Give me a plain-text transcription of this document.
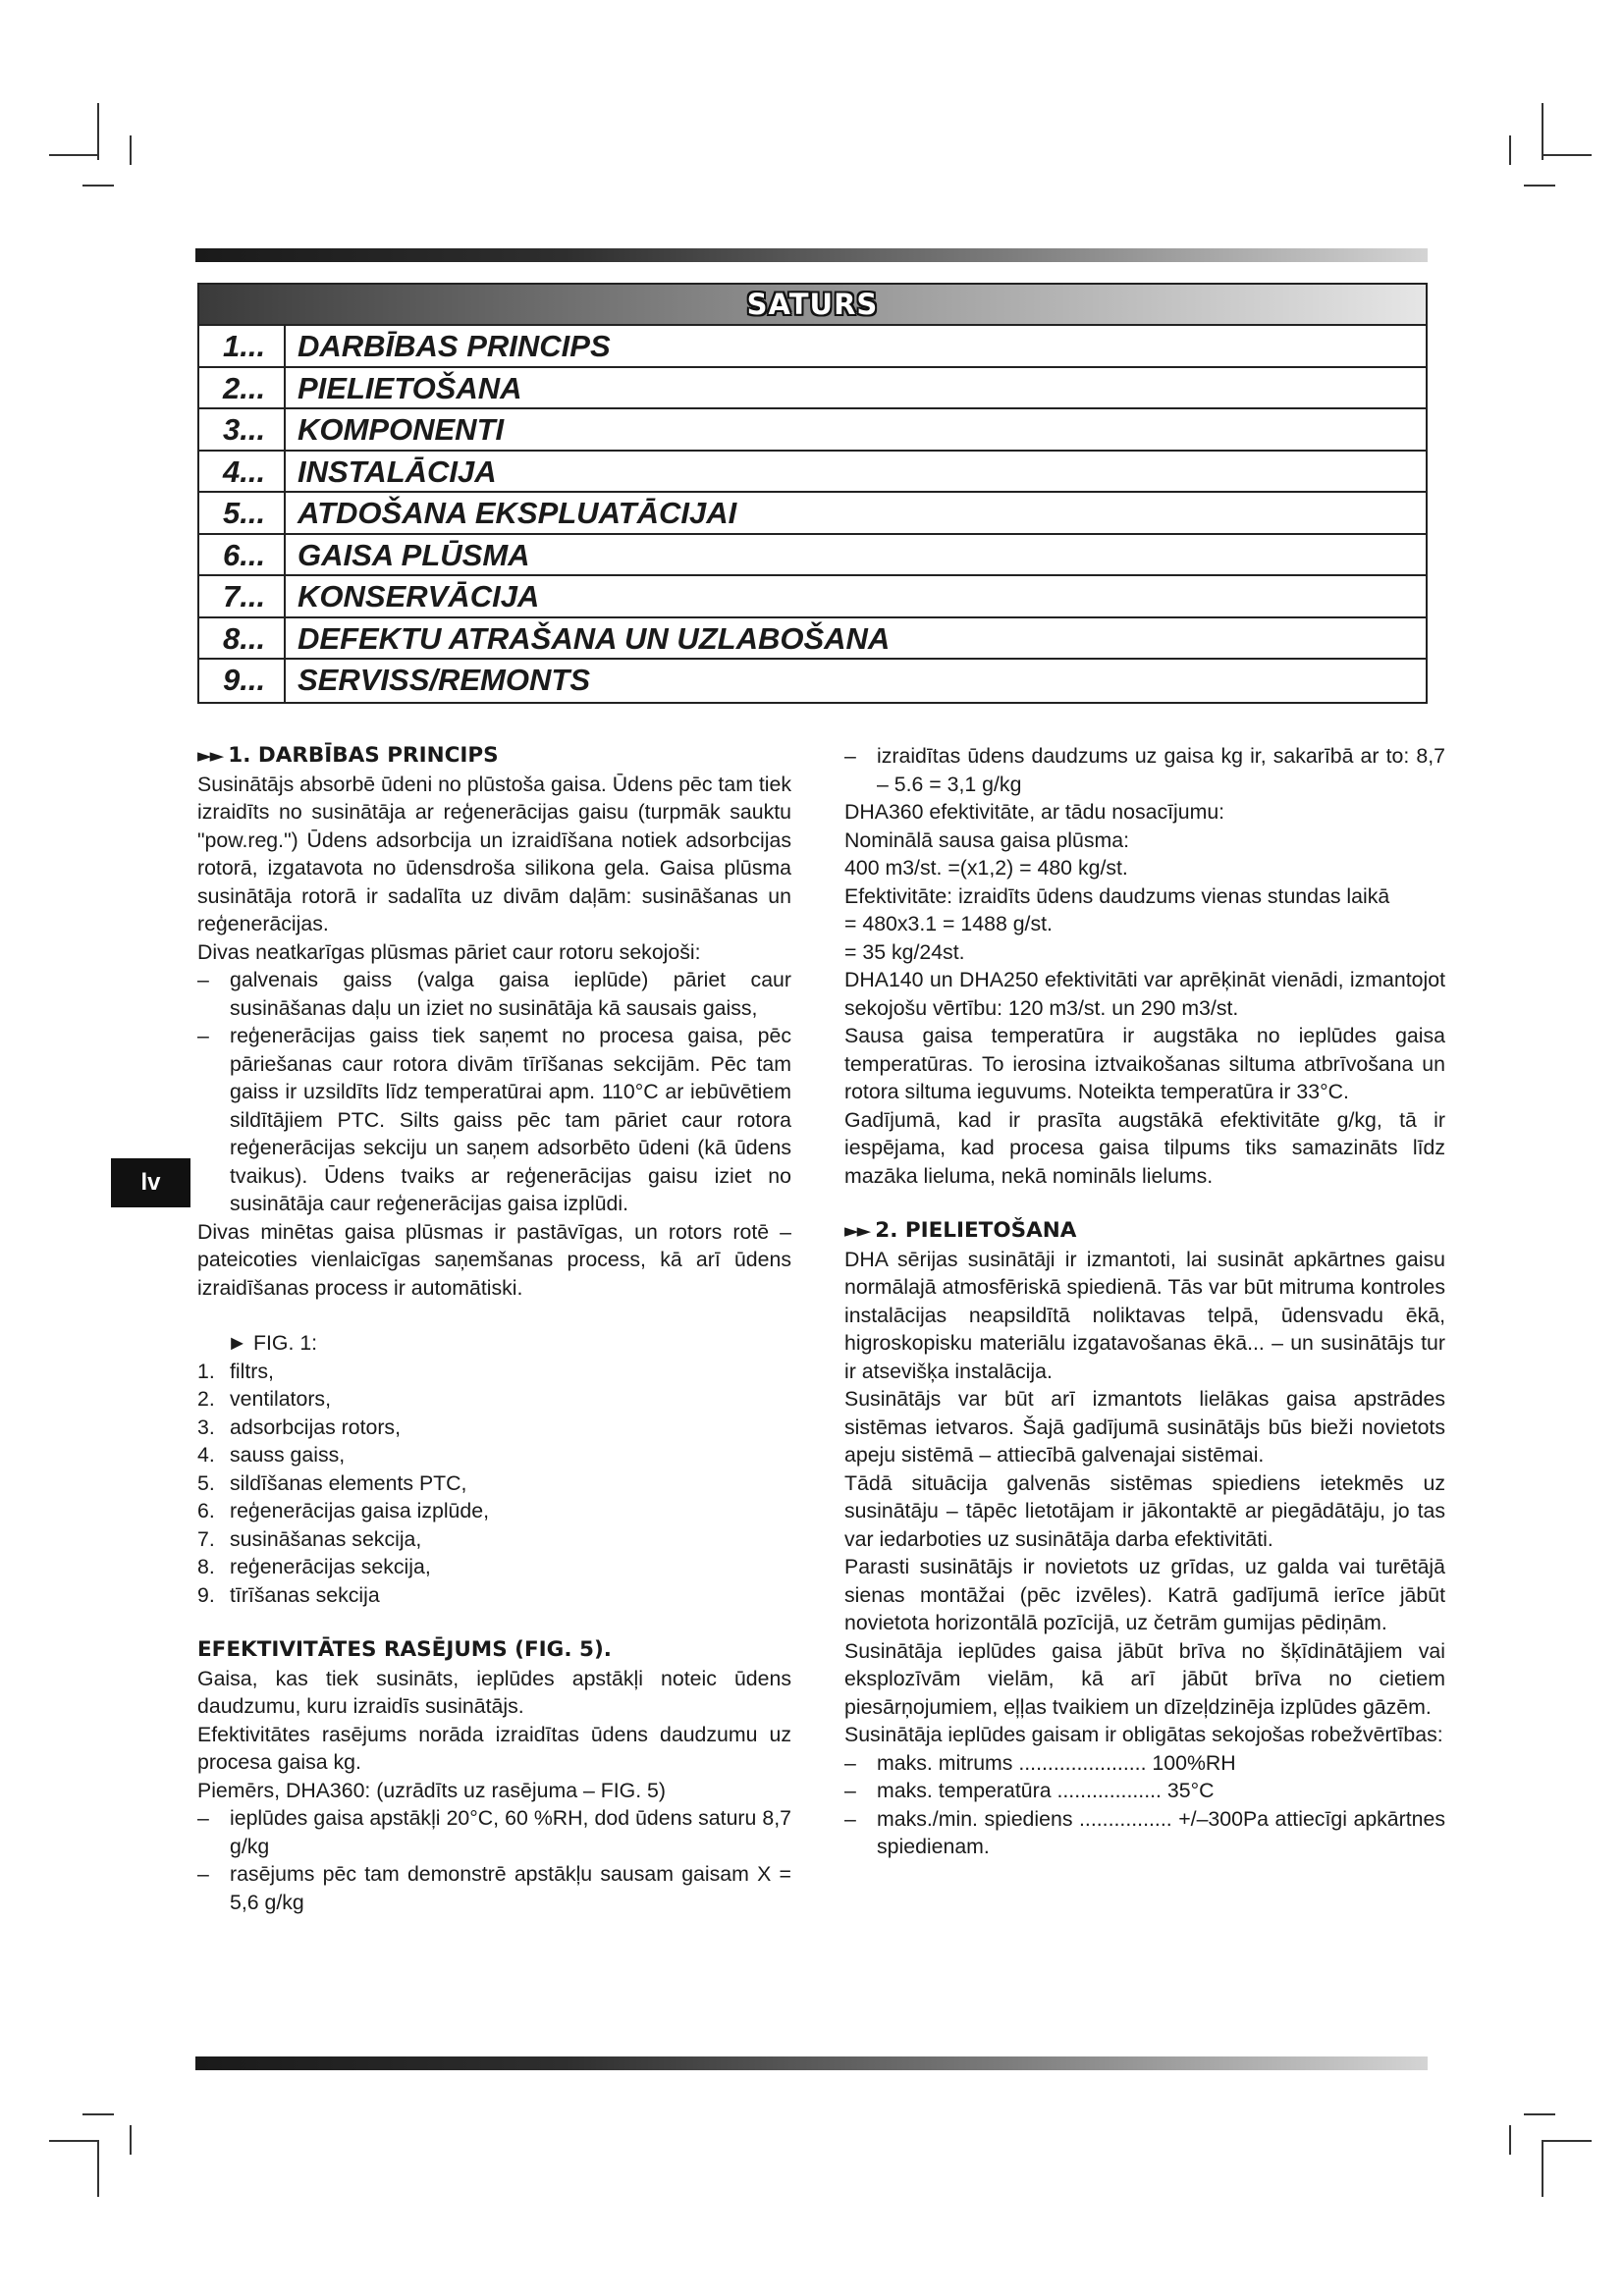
SATURS
1...	DARBĪBAS PRINCIPS
2...	PIELIETOŠANA
3...	KOMPONENTI
4...	INSTALĀCIJA
5...	ATDOŠANA EKSPLUATĀCIJAI
6...	GAISA PLŪSMA
7...	KONSERVĀCIJA
8...	DEFEKTU ATRAŠANA UN UZLABOŠANA
9...	SERVISS/REMONTS
lv

►► 1. DARBĪBAS PRINCIPS

Susinātājs absorbē ūdeni no plūstoša gaisa. Ūdens pēc tam tiek izraidīts no susinātāja ar reģenerācijas gaisu (turpmāk sauktu "pow.reg.") Ūdens adsorbcija un izraidīšana notiek adsorbcijas rotorā, izgatavota no ūdensdroša silikona gela. Gaisa plūsma susinātāja rotorā ir sadalīta uz divām daļām: susināšanas un reģenerācijas.

Divas neatkarīgas plūsmas pāriet caur rotoru sekojoši:

– galvenais gaiss (valga gaisa ieplūde) pāriet caur susināšanas daļu un iziet no susinātāja kā sausais gaiss,

– reģenerācijas gaiss tiek saņemt no procesa gaisa, pēc pāriešanas caur rotora divām tīrīšanas sekcijām. Pēc tam gaiss ir uzsildīts līdz temperatūrai apm. 110°C ar iebūvētiem sildītājiem PTC. Silts gaiss pēc tam pāriet caur rotora reģenerācijas sekciju un saņem adsorbēto ūdeni (kā ūdens tvaikus). Ūdens tvaiks ar reģenerācijas gaisu iziet no susinātāja caur reģenerācijas gaisa izplūdi.

Divas minētas gaisa plūsmas ir pastāvīgas, un rotors rotē – pateicoties vienlaicīgas saņemšanas process, kā arī ūdens izraidīšanas process ir automātiski.

► FIG. 1:

1. filtrs,

2. ventilators,

3. adsorbcijas rotors,

4. sauss gaiss,

5. sildīšanas elements PTC,

6. reģenerācijas gaisa izplūde,

7. susināšanas sekcija,

8. reģenerācijas sekcija,

9. tīrīšanas sekcija

EFEKTIVITĀTES RASĒJUMS (FIG. 5).

Gaisa, kas tiek susināts, ieplūdes apstākļi noteic ūdens daudzumu, kuru izraidīs susinātājs.

Efektivitātes rasējums norāda izraidītas ūdens daudzumu uz procesa gaisa kg.

Piemērs, DHA360: (uzrādīts uz rasējuma – FIG. 5)

– ieplūdes gaisa apstākļi 20°C, 60 %RH, dod ūdens saturu 8,7 g/kg

– rasējums pēc tam demonstrē apstākļu sausam gaisam X = 5,6 g/kg

– izraidītas ūdens daudzums uz gaisa kg ir, sakarībā ar to: 8,7 – 5.6 = 3,1 g/kg

DHA360 efektivitāte, ar tādu nosacījumu:

Nominālā sausa gaisa plūsma:

400 m3/st. =(x1,2) = 480 kg/st.

Efektivitāte: izraidīts ūdens daudzums vienas stundas laikā

= 480x3.1 = 1488 g/st.

= 35 kg/24st.

DHA140 un DHA250 efektivitāti var aprēķināt vienādi, izmantojot sekojošu vērtību: 120 m3/st. un 290 m3/st.

Sausa gaisa temperatūra ir augstāka no ieplūdes gaisa temperatūras. To ierosina iztvaikošanas siltuma atbrīvošana un rotora siltuma ieguvums. Noteikta temperatūra ir 33°C.

Gadījumā, kad ir prasīta augstākā efektivitāte g/kg, tā ir iespējama, kad procesa gaisa tilpums tiks samazināts līdz mazāka lieluma, nekā nomināls lielums.

►► 2. PIELIETOŠANA

DHA sērijas susinātāji ir izmantoti, lai susināt apkārtnes gaisu normālajā atmosfēriskā spiedienā. Tās var būt mitruma kontroles instalācijas neapsildītā noliktavas telpā, ūdensvadu ēkā, higroskopisku materiālu izgatavošanas ēkā... – un susinātājs tur ir atsevišķa instalācija.

Susinātājs var būt arī izmantots lielākas gaisa apstrādes sistēmas ietvaros. Šajā gadījumā susinātājs būs bieži novietots apeju sistēmā – attiecībā galvenajai sistēmai.

Tādā situācija galvenās sistēmas spiediens ietekmēs uz susinātāju – tāpēc lietotājam ir jākontaktē ar piegādātāju, jo tas var iedarboties uz susinātāja darba efektivitāti.

Parasti susinātājs ir novietots uz grīdas, uz galda vai turētājā sienas montāžai (pēc izvēles). Katrā gadījumā ierīce jābūt novietota horizontālā pozīcijā, uz četrām gumijas pēdiņām.

Susinātāja ieplūdes gaisa jābūt brīva no šķīdinātājiem vai eksplozīvām vielām, kā arī jābūt brīva no cietiem piesārņojumiem, eļļas tvaikiem un dīzeļdzinēja izplūdes gāzēm.

Susinātāja ieplūdes gaisam ir obligātas sekojošas robežvērtības:

– maks. mitrums ...................... 100%RH

– maks. temperatūra .................. 35°C

– maks./min. spiediens ................ +/–300Pa attiecīgi apkārtnes spiedienam.
